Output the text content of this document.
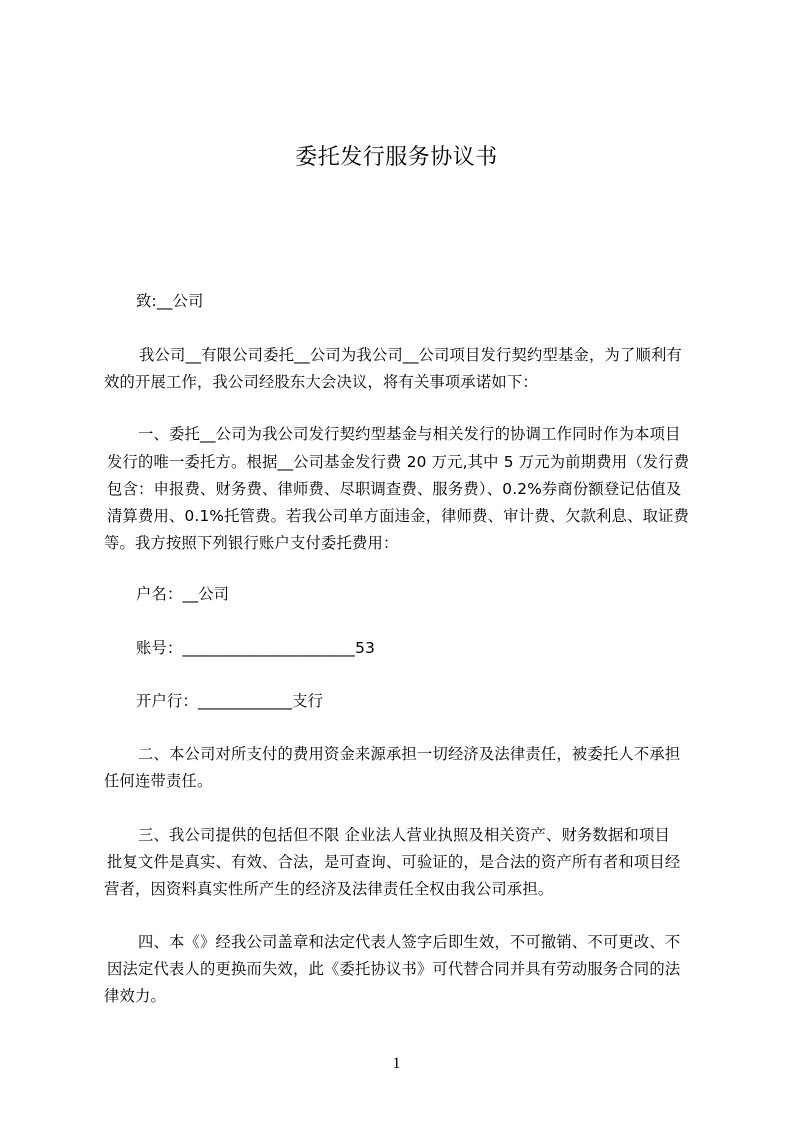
委托发行服务协议书
致:__公司
我公司__有限公司委托__公司为我公司__公司项目发行契约型基金，为了顺利有
效的开展工作，我公司经股东大会决议，将有关事项承诺如下：
一、委托__公司为我公司发行契约型基金与相关发行的协调工作同时作为本项目
发行的唯一委托方。根据__公司基金发行费 20 万元,其中 5 万元为前期费用（发行费
包含：申报费、财务费、律师费、尽职调查费、服务费）、0.2%券商份额登记估值及
清算费用、0.1%托管费。若我公司单方面违金，律师费、审计费、欠款利息、取证费
等。我方按照下列银行账户支付委托费用：
户名：__公司
账号：______________________53
开户行：____________支行
二、本公司对所支付的费用资金来源承担一切经济及法律责任，被委托人不承担
任何连带责任。
三、我公司提供的包括但不限 企业法人营业执照及相关资产、财务数据和项目
批复文件是真实、有效、合法，是可查询、可验证的，是合法的资产所有者和项目经
营者，因资料真实性所产生的经济及法律责任全权由我公司承担。
四、本《》经我公司盖章和法定代表人签字后即生效，不可撤销、不可更改、不
因法定代表人的更换而失效，此《委托协议书》可代替合同并具有劳动服务合同的法
律效力。
1
